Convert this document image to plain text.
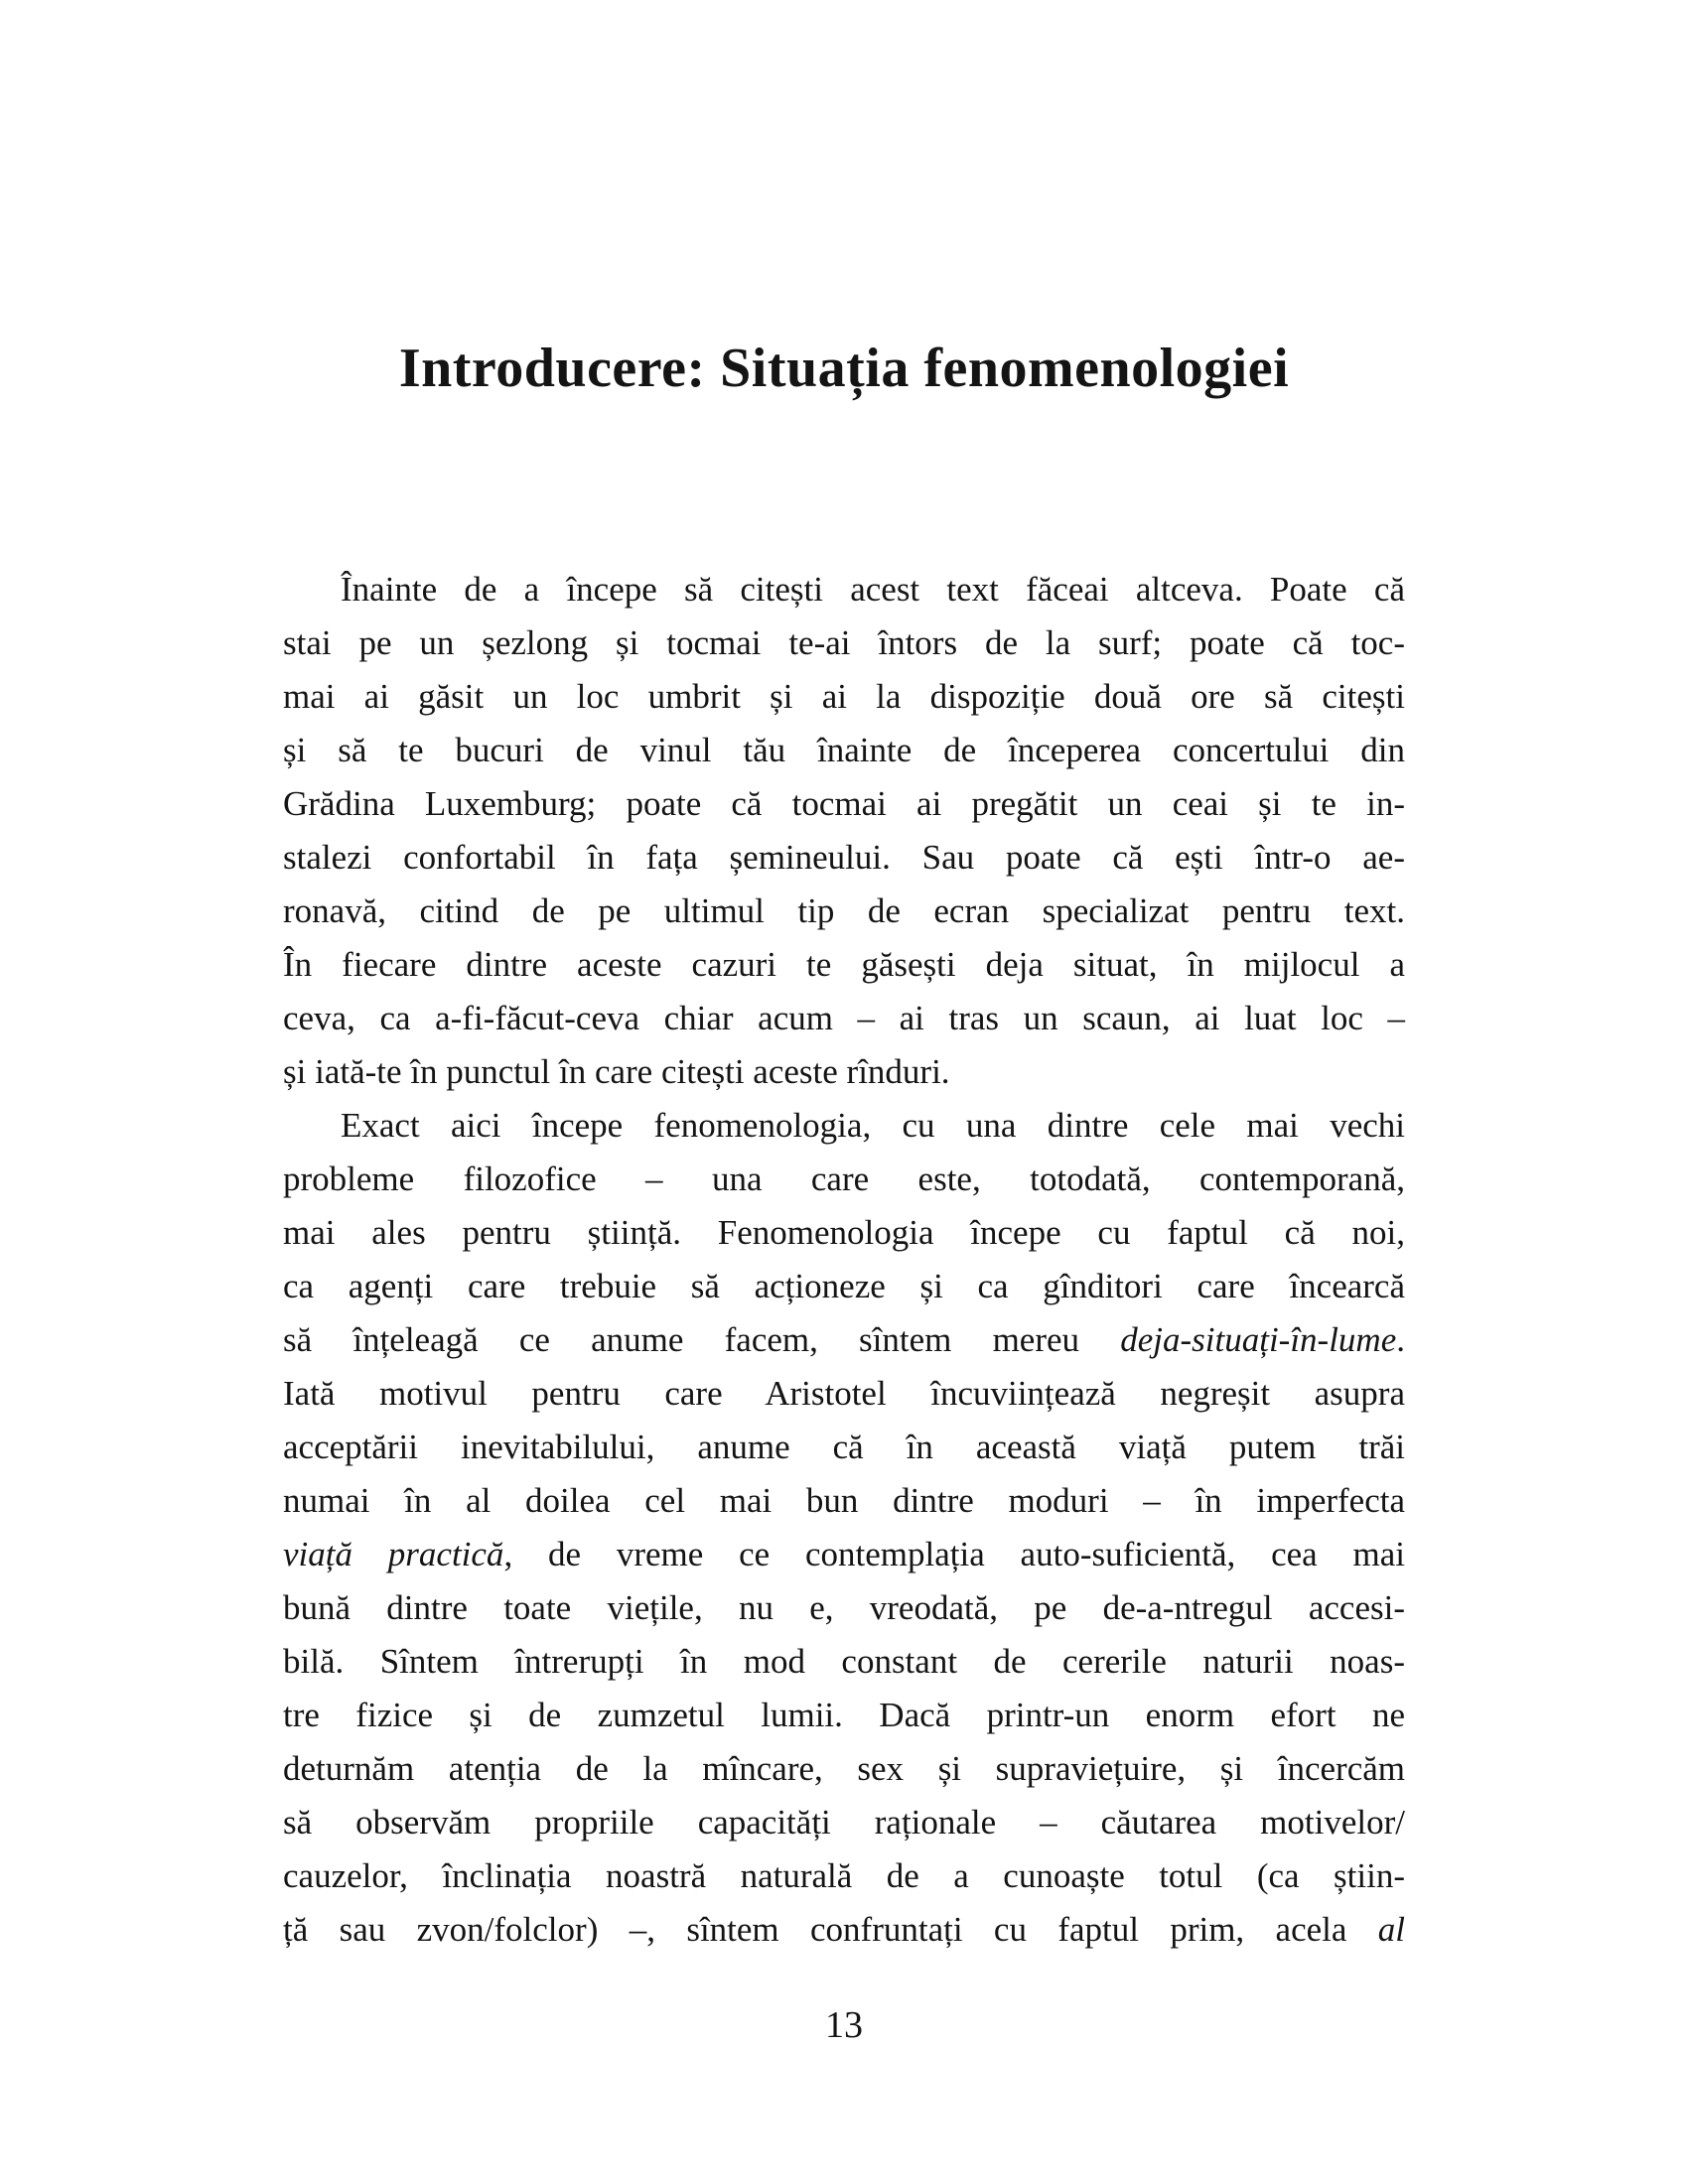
Introducere: Situația fenomenologiei
Înainte de a începe să citești acest text făceai altceva. Poate că
stai pe un șezlong și tocmai te-ai întors de la surf; poate că toc-
mai ai găsit un loc umbrit și ai la dispoziție două ore să citești
și să te bucuri de vinul tău înainte de începerea concertului din
Grădina Luxemburg; poate că tocmai ai pregătit un ceai și te in-
stalezi confortabil în fața șemineului. Sau poate că ești într-o ae-
ronavă, citind de pe ultimul tip de ecran specializat pentru text.
În fiecare dintre aceste cazuri te găsești deja situat, în mijlocul a
ceva, ca a-fi-făcut-ceva chiar acum – ai tras un scaun, ai luat loc –
și iată-te în punctul în care citești aceste rînduri.
Exact aici începe fenomenologia, cu una dintre cele mai vechi
probleme filozofice – una care este, totodată, contemporană,
mai ales pentru știință. Fenomenologia începe cu faptul că noi,
ca agenți care trebuie să acționeze și ca gînditori care încearcă
să înțeleagă ce anume facem, sîntem mereu deja-situați-în-lume.
Iată motivul pentru care Aristotel încuviințează negreșit asupra
acceptării inevitabilului, anume că în această viață putem trăi
numai în al doilea cel mai bun dintre moduri – în imperfecta
viață practică, de vreme ce contemplația auto-suficientă, cea mai
bună dintre toate viețile, nu e, vreodată, pe de-a-ntregul accesi-
bilă. Sîntem întrerupți în mod constant de cererile naturii noas-
tre fizice și de zumzetul lumii. Dacă printr-un enorm efort ne
deturnăm atenția de la mîncare, sex și supraviețuire, și încercăm
să observăm propriile capacități raționale – căutarea motivelor/
cauzelor, înclinația noastră naturală de a cunoaște totul (ca știin-
ță sau zvon/folclor) –, sîntem confruntați cu faptul prim, acela al
13
